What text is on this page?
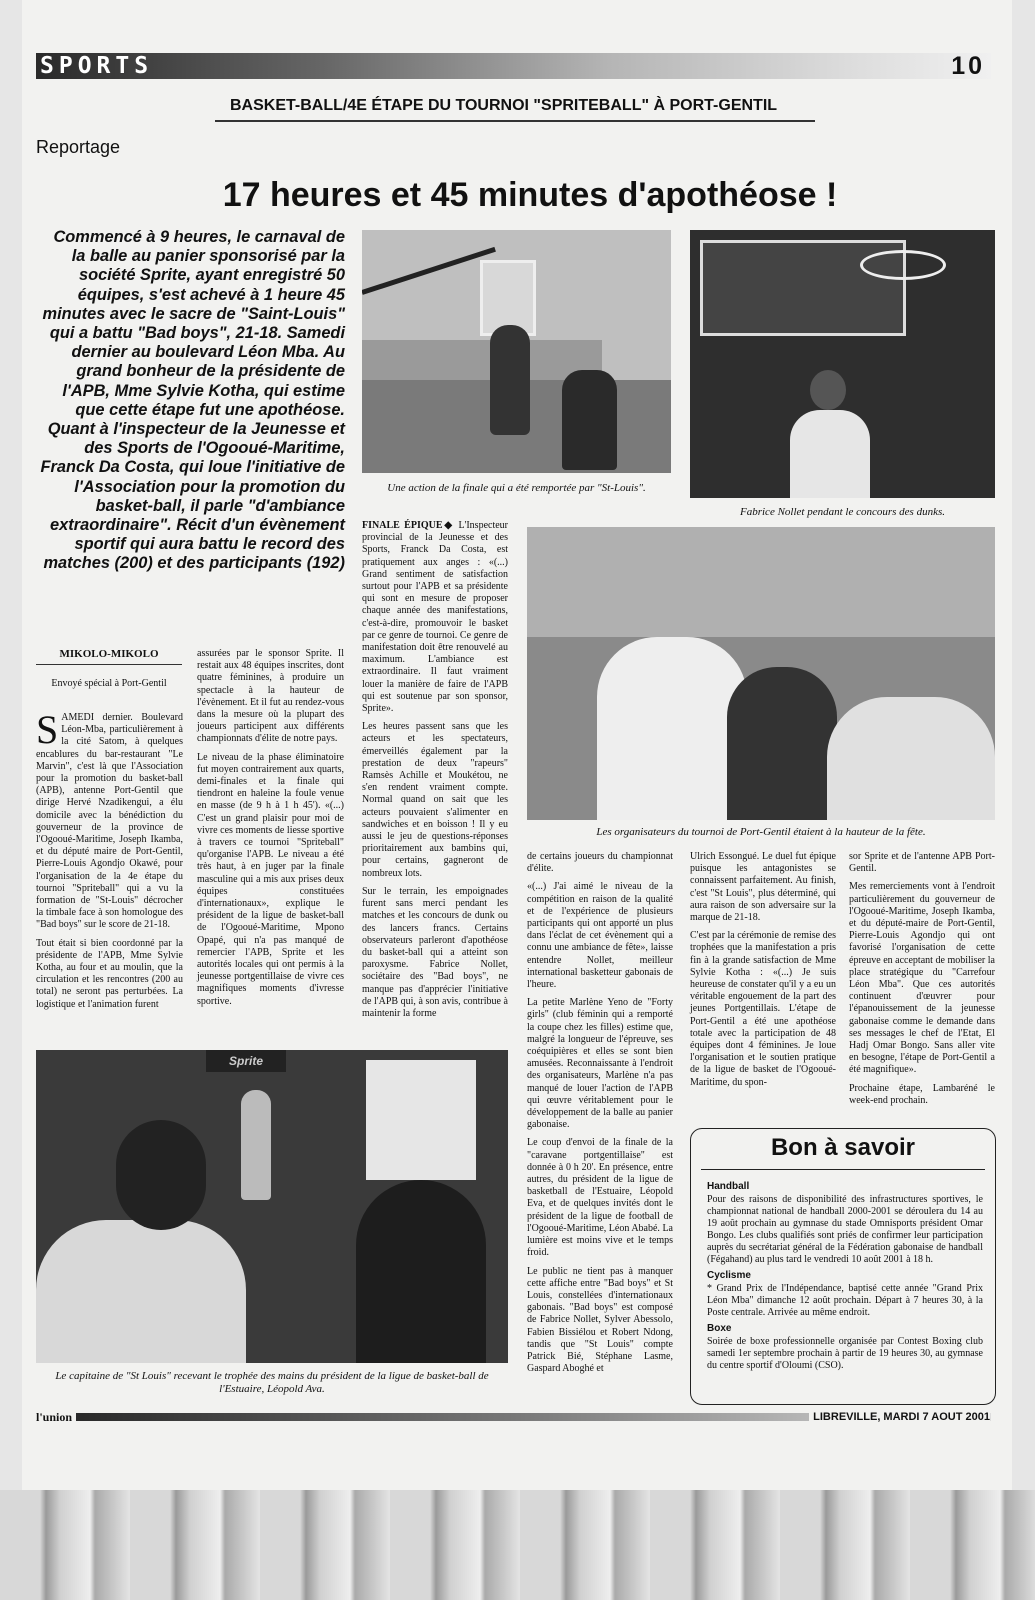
SPORTS	10
BASKET-BALL/4E ÉTAPE DU TOURNOI "SPRITEBALL" À PORT-GENTIL
Reportage
17 heures et 45 minutes d'apothéose !
Commencé à 9 heures, le carnaval de la balle au panier sponsorisé par la société Sprite, ayant enregistré 50 équipes, s'est achevé à 1 heure 45 minutes avec le sacre de "Saint-Louis" qui a battu "Bad boys", 21-18. Samedi dernier au boulevard Léon Mba. Au grand bonheur de la présidente de l'APB, Mme Sylvie Kotha, qui estime que cette étape fut une apothéose. Quant à l'inspecteur de la Jeunesse et des Sports de l'Ogooué-Maritime, Franck Da Costa, qui loue l'initiative de l'Association pour la promotion du basket-ball, il parle "d'ambiance extraordinaire". Récit d'un évènement sportif qui aura battu le record des matches (200) et des participants (192)
Une action de la finale qui a été remportée par "St-Louis".
Fabrice Nollet pendant le concours des dunks.
Les organisateurs du tournoi de Port-Gentil étaient à la hauteur de la fête.
Sprite
Le capitaine de "St Louis" recevant le trophée des mains du président de la ligue de basket-ball de l'Estuaire, Léopold Ava.
MIKOLO-MIKOLO
Envoyé spécial à Port-Gentil

SAMEDI dernier. Boulevard Léon-Mba, particulièrement à la cité Satom, à quelques encablures du bar-restaurant "Le Marvin", c'est là que l'Association pour la promotion du basket-ball (APB), antenne Port-Gentil que dirige Hervé Nzadikengui, a élu domicile avec la bénédiction du gouverneur de la province de l'Ogooué-Maritime, Joseph Ikamba, et du député maire de Port-Gentil, Pierre-Louis Agondjo Okawé, pour l'organisation de la 4e étape du tournoi "Spriteball" qui a vu la formation de "St-Louis" décrocher la timbale face à son homologue des "Bad boys" sur le score de 21-18.

Tout était si bien coordonné par la présidente de l'APB, Mme Sylvie Kotha, au four et au moulin, que la circulation et les rencontres (200 au total) ne seront pas perturbées. La logistique et l'animation furent

assurées par le sponsor Sprite. Il restait aux 48 équipes inscrites, dont quatre féminines, à produire un spectacle à la hauteur de l'évènement. Et il fut au rendez-vous dans la mesure où la plupart des joueurs participent aux différents championnats d'élite de notre pays.

Le niveau de la phase éliminatoire fut moyen contrairement aux quarts, demi-finales et la finale qui tiendront en haleine la foule venue en masse (de 9 h à 1 h 45'). «(...) C'est un grand plaisir pour moi de vivre ces moments de liesse sportive à travers ce tournoi "Spriteball" qu'organise l'APB. Le niveau a été très haut, à en juger par la finale masculine qui a mis aux prises deux équipes constituées d'internationaux», explique le président de la ligue de basket-ball de l'Ogooué-Maritime, Mpono Opapé, qui n'a pas manqué de remercier l'APB, Sprite et les autorités locales qui ont permis à la jeunesse portgentillaise de vivre ces magnifiques moments d'ivresse sportive.

FINALE ÉPIQUE◆ L'Inspecteur provincial de la Jeunesse et des Sports, Franck Da Costa, est pratiquement aux anges : «(...) Grand sentiment de satisfaction surtout pour l'APB et sa présidente qui sont en mesure de proposer chaque année des manifestations, c'est-à-dire, promouvoir le basket par ce genre de tournoi. Ce genre de manifestation doit être renouvelé au maximum. L'ambiance est extraordinaire. Il faut vraiment louer la manière de faire de l'APB qui est soutenue par son sponsor, Sprite».

Les heures passent sans que les acteurs et les spectateurs, émerveillés également par la prestation de deux "rapeurs" Ramsès Achille et Moukétou, ne s'en rendent vraiment compte. Normal quand on sait que les acteurs pouvaient s'alimenter en sandwiches et en boisson ! Il y eu aussi le jeu de questions-réponses prioritairement aux bambins qui, pour certains, gagneront de nombreux lots.

Sur le terrain, les empoignades furent sans merci pendant les matches et les concours de dunk ou des lancers francs. Certains observateurs parleront d'apothéose du basket-ball qui a atteint son paroxysme. Fabrice Nollet, sociétaire des "Bad boys", ne manque pas d'apprécier l'initiative de l'APB qui, à son avis, contribue à maintenir la forme

de certains joueurs du championnat d'élite.

«(...) J'ai aimé le niveau de la compétition en raison de la qualité et de l'expérience de plusieurs participants qui ont apporté un plus dans l'éclat de cet évènement qui a connu une ambiance de fête», laisse entendre Nollet, meilleur international basketteur gabonais de l'heure.

La petite Marlène Yeno de "Forty girls" (club féminin qui a remporté la coupe chez les filles) estime que, malgré la longueur de l'épreuve, ses coéquipières et elles se sont bien amusées. Reconnaissante à l'endroit des organisateurs, Marlène n'a pas manqué de louer l'action de l'APB qui œuvre véritablement pour le développement de la balle au panier gabonaise.

Le coup d'envoi de la finale de la "caravane portgentillaise" est donnée à 0 h 20'. En présence, entre autres, du président de la ligue de basketball de l'Estuaire, Léopold Eva, et de quelques invités dont le président de la ligue de football de l'Ogooué-Maritime, Léon Ababé. La lumière est moins vive et le temps froid.

Le public ne tient pas à manquer cette affiche entre "Bad boys" et St Louis, constellées d'internationaux gabonais. "Bad boys" est composé de Fabrice Nollet, Sylver Abessolo, Fabien Bissiélou et Robert Ndong, tandis que "St Louis" compte Patrick Bié, Stéphane Lasme, Gaspard Aboghé et

Ulrich Essongué. Le duel fut épique puisque les antagonistes se connaissent parfaitement. Au finish, c'est "St Louis", plus déterminé, qui aura raison de son adversaire sur la marque de 21-18.

C'est par la cérémonie de remise des trophées que la manifestation a pris fin à la grande satisfaction de Mme Sylvie Kotha : «(...) Je suis heureuse de constater qu'il y a eu un véritable engouement de la part des jeunes Portgentillais. L'étape de Port-Gentil a été une apothéose totale avec la participation de 48 équipes dont 4 féminines. Je loue l'organisation et le soutien pratique de la ligue de basket de l'Ogooué-Maritime, du spon-

sor Sprite et de l'antenne APB Port-Gentil.

Mes remerciements vont à l'endroit particulièrement du gouverneur de l'Ogooué-Maritime, Joseph Ikamba, et du député-maire de Port-Gentil, Pierre-Louis Agondjo qui ont favorisé l'organisation de cette épreuve en acceptant de mobiliser la place stratégique du "Carrefour Léon Mba". Que ces autorités continuent d'œuvrer pour l'épanouissement de la jeunesse gabonaise comme le demande dans ses messages le chef de l'Etat, El Hadj Omar Bongo. Sans aller vite en besogne, l'étape de Port-Gentil a été magnifique».

Prochaine étape, Lambaréné le week-end prochain.

Bon à savoir
Handball

Pour des raisons de disponibilité des infrastructures sportives, le championnat national de handball 2000-2001 se déroulera du 14 au 19 août prochain au gymnase du stade Omnisports président Omar Bongo. Les clubs qualifiés sont priés de confirmer leur participation auprès du secrétariat général de la Fédération gabonaise de handball (Fégahand) au plus tard le vendredi 10 août 2001 à 18 h.

Cyclisme

* Grand Prix de l'Indépendance, baptisé cette année "Grand Prix Léon Mba" dimanche 12 août prochain. Départ à 7 heures 30, à la Poste centrale. Arrivée au même endroit.

Boxe

Soirée de boxe professionnelle organisée par Contest Boxing club samedi 1er septembre prochain à partir de 19 heures 30, au gymnase du centre sportif d'Oloumi (CSO).

l'union	LIBREVILLE, MARDI 7 AOUT 2001
